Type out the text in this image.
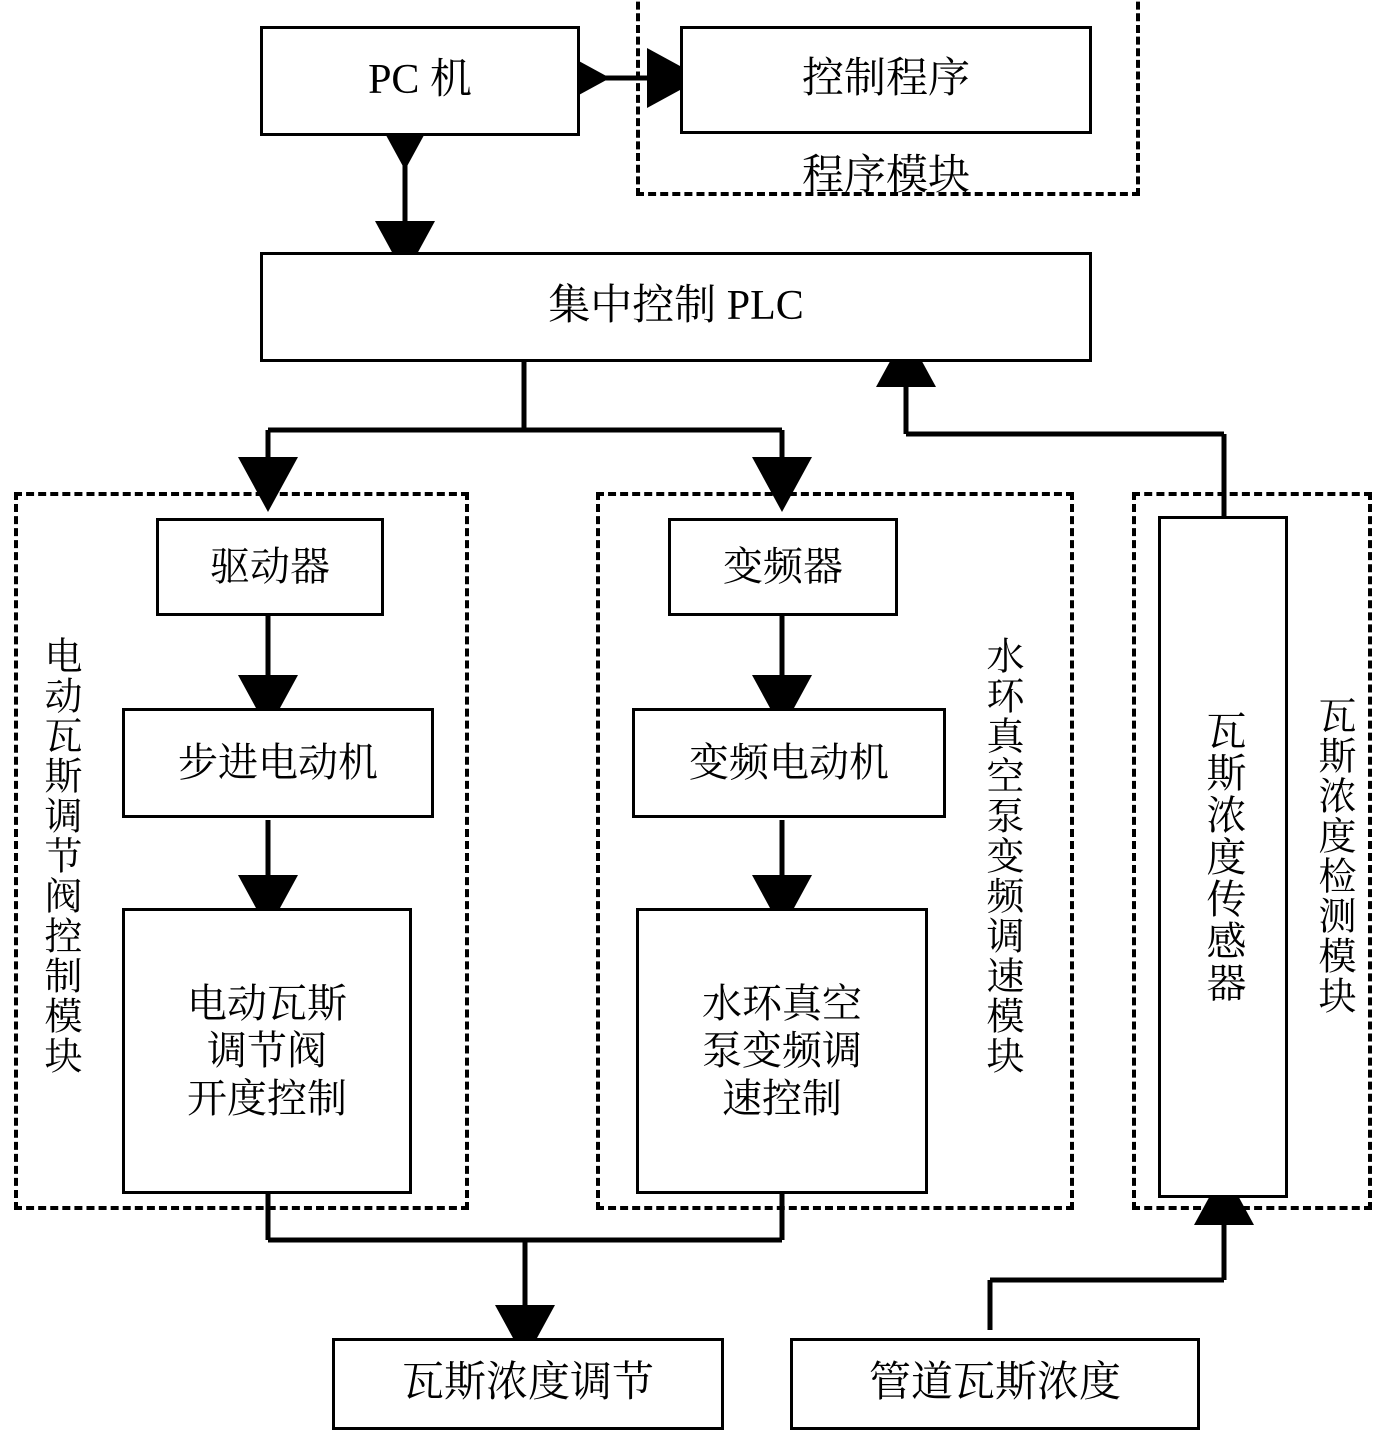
PC 机	控制程序
程序模块
集中控制 PLC
驱动器
步进电动机
电动瓦斯
调节阀
开度控制
变频器
变频电动机
水环真空
泵变频调
速控制
瓦斯浓度传感器
瓦斯浓度调节	管道瓦斯浓度
电动瓦斯调节阀控制模块	水环真空泵变频调速模块	瓦斯浓度检测模块
